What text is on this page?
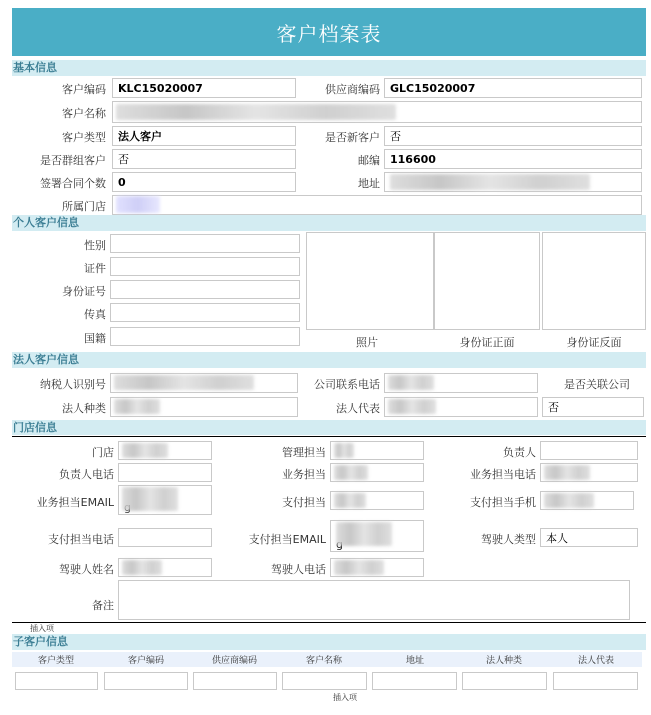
客户档案表
基本信息
客户编码	KLC15020007	供应商编码 GLC15020007
客户名称
客户类型	法人客户	是否新客户 否
是否群组客户	否	邮编 116600
签署合同个数	0	地址
所属门店
个人客户信息
性别
证件
身份证号
传真
国籍	照片	身份证正面	身份证反面
法人客户信息
纳税人识别号	公司联系电话	是否关联公司
法人种类	法人代表	否
门店信息
门店	管理担当	负责人
负责人电话	业务担当	业务担当电话
业务担当EMAIL	支付担当	支付担当手机
支付担当电话	支付担当EMAIL	驾驶人类型 本人
驾驶人姓名	驾驶人电话
备注
插入项
子客户信息
客户类型	客户编码	供应商编码	客户名称	地址	法人种类	法人代表
插入项
